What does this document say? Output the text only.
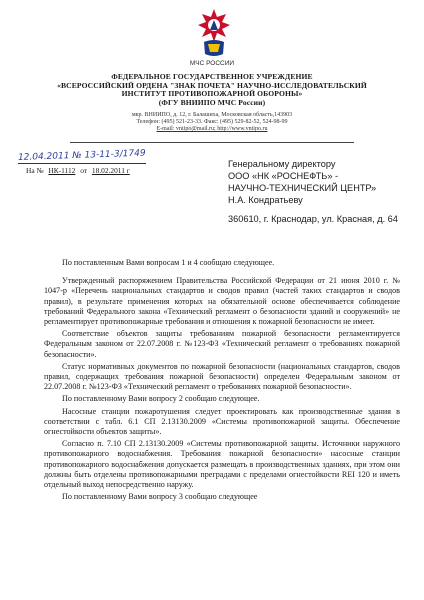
МЧС РОССИИ
ФЕДЕРАЛЬНОЕ ГОСУДАРСТВЕННОЕ УЧРЕЖДЕНИЕ
«ВСЕРОССИЙСКИЙ ОРДЕНА "ЗНАК ПОЧЕТА" НАУЧНО-ИССЛЕДОВАТЕЛЬСКИЙ
ИНСТИТУТ ПРОТИВОПОЖАРНОЙ ОБОРОНЫ»
(ФГУ ВНИИПО МЧС России)
мкр. ВНИИПО, д. 12, г. Балашиха, Московская область,143903
Телефон: (495) 521-23-33. Факс: (495) 529-82-52, 524-98-99
E-mail: vniipo@mail.ru; http://www.vniipo.ru
12.04.2011 № 13-11-3/1749
На № НК-1112 от 18.02.2011 г
Генеральному директору
ООО «НК «РОСНЕФТЬ» -
НАУЧНО-ТЕХНИЧЕСКИЙ ЦЕНТР»
Н.А. Кондратьеву
360610, г. Краснодар, ул. Красная, д. 64

По поставленным Вами вопросам 1 и 4 сообщаю следующее.

Утвержденный распоряжением Правительства Российской Федерации от 21 июня 2010 г. № 1047-р «Перечень национальных стандартов и сводов правил (частей таких стандартов и сводов правил), в результате применения которых на обязательной основе обеспечивается соблюдение требований Федерального закона «Технический регламент о безопасности зданий и сооружений» не регламентирует противопожарные требования и отношения к пожарной безопасности не имеет.

Соответствие объектов защиты требованиям пожарной безопасности регламентируется Федеральным законом от 22.07.2008 г. №123-ФЗ «Технический регламент о требованиях пожарной безопасности».

Статус нормативных документов по пожарной безопасности (национальных стандартов, сводов правил, содержащих требования пожарной безопасности) определен Федеральным законом от 22.07.2008 г. №123-ФЗ «Технический регламент о требованиях пожарной безопасности».

По поставленному Вами вопросу 2 сообщаю следующее.

Насосные станции пожаротушения следует проектировать как производственные здания в соответствии с табл. 6.1 СП 2.13130.2009 «Системы противопожарной защиты. Обеспечение огнестойкости объектов защиты».

Согласно п. 7.10 СП 2.13130.2009 «Системы противопожарной защиты. Источники наружного противопожарного водоснабжения. Требования пожарной безопасности» насосные станции противопожарного водоснабжения допускается размещать в производственных зданиях, при этом они должны быть отделены противопожарными преградами с пределами огнестойкости REI 120 и иметь отдельный выход непосредственно наружу.

По поставленному Вами вопросу 3 сообщаю следующее
